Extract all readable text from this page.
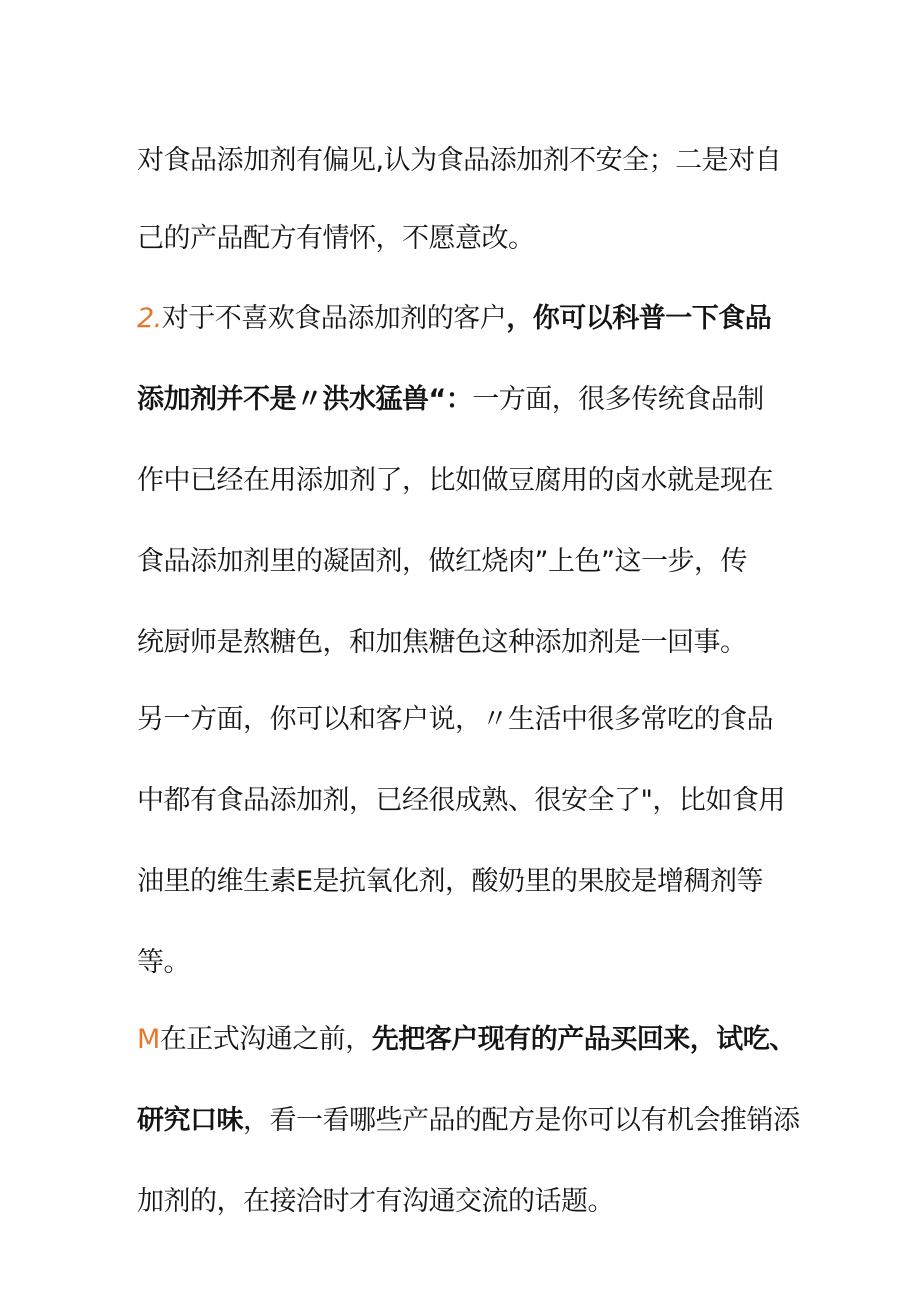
对食品添加剂有偏见,认为食品添加剂不安全；二是对自
己的产品配方有情怀，不愿意改。
2.对于不喜欢食品添加剂的客户，你可以科普一下食品
添加剂并不是〃洪水猛兽“：一方面，很多传统食品制
作中已经在用添加剂了，比如做豆腐用的卤水就是现在
食品添加剂里的凝固剂，做红烧肉”上色”这一步，传
统厨师是熬糖色，和加焦糖色这种添加剂是一回事。
另一方面，你可以和客户说，〃生活中很多常吃的食品
中都有食品添加剂，已经很成熟、很安全了"，比如食用
油里的维生素E是抗氧化剂，酸奶里的果胶是增稠剂等
等。
M在正式沟通之前，先把客户现有的产品买回来，试吃、
研究口味，看一看哪些产品的配方是你可以有机会推销添
加剂的，在接洽时才有沟通交流的话题。
